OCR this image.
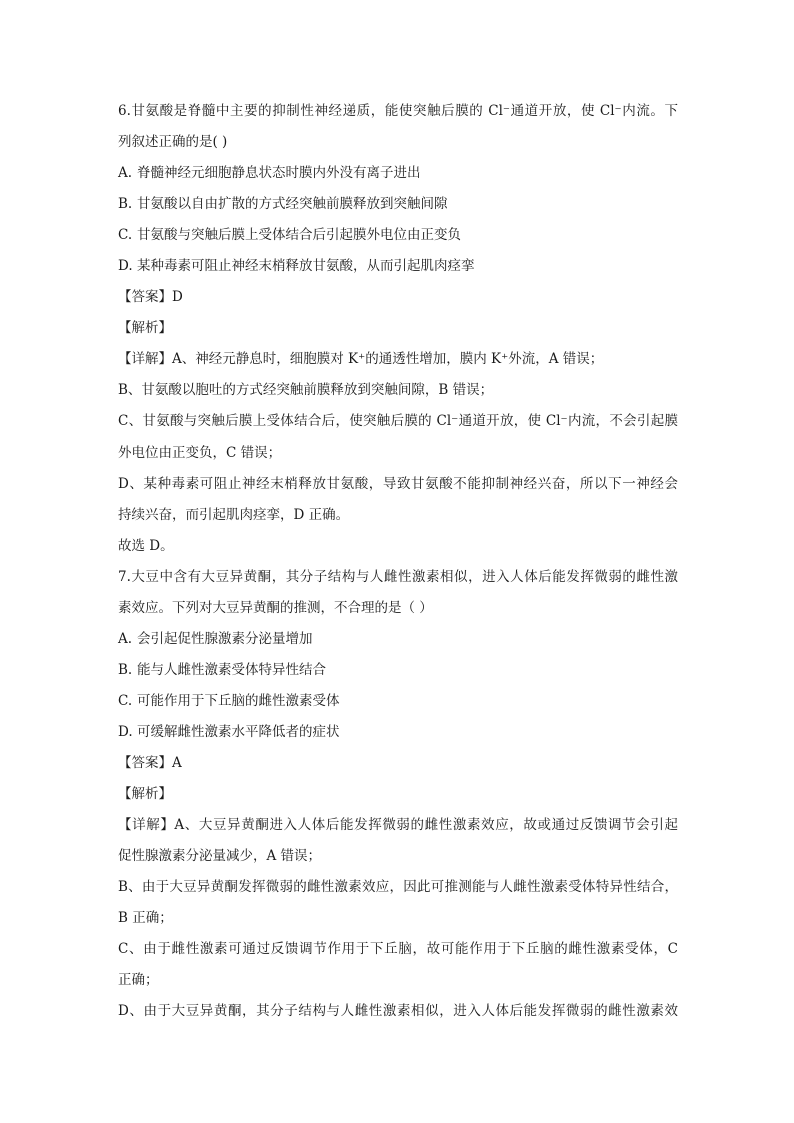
6.甘氨酸是脊髓中主要的抑制性神经递质，能使突触后膜的 Cl⁻通道开放，使 Cl⁻内流。下
列叙述正确的是( )
A. 脊髓神经元细胞静息状态时膜内外没有离子进出
B. 甘氨酸以自由扩散的方式经突触前膜释放到突触间隙
C. 甘氨酸与突触后膜上受体结合后引起膜外电位由正变负
D. 某种毒素可阻止神经末梢释放甘氨酸，从而引起肌肉痉挛
【答案】D
【解析】
【详解】A、神经元静息时，细胞膜对 K⁺的通透性增加，膜内 K⁺外流，A 错误；
B、甘氨酸以胞吐的方式经突触前膜释放到突触间隙，B 错误；
C、甘氨酸与突触后膜上受体结合后，使突触后膜的 Cl⁻通道开放，使 Cl⁻内流，不会引起膜
外电位由正变负，C 错误；
D、某种毒素可阻止神经末梢释放甘氨酸，导致甘氨酸不能抑制神经兴奋，所以下一神经会
持续兴奋，而引起肌肉痉挛，D 正确。
故选 D。
7.大豆中含有大豆异黄酮，其分子结构与人雌性激素相似，进入人体后能发挥微弱的雌性激
素效应。下列对大豆异黄酮的推测，不合理的是（ ）
A. 会引起促性腺激素分泌量增加
B. 能与人雌性激素受体特异性结合
C. 可能作用于下丘脑的雌性激素受体
D. 可缓解雌性激素水平降低者的症状
【答案】A
【解析】
【详解】A、大豆异黄酮进入人体后能发挥微弱的雌性激素效应，故或通过反馈调节会引起
促性腺激素分泌量减少，A 错误；
B、由于大豆异黄酮发挥微弱的雌性激素效应，因此可推测能与人雌性激素受体特异性结合，
B 正确；
C、由于雌性激素可通过反馈调节作用于下丘脑，故可能作用于下丘脑的雌性激素受体，C
正确；
D、由于大豆异黄酮，其分子结构与人雌性激素相似，进入人体后能发挥微弱的雌性激素效
